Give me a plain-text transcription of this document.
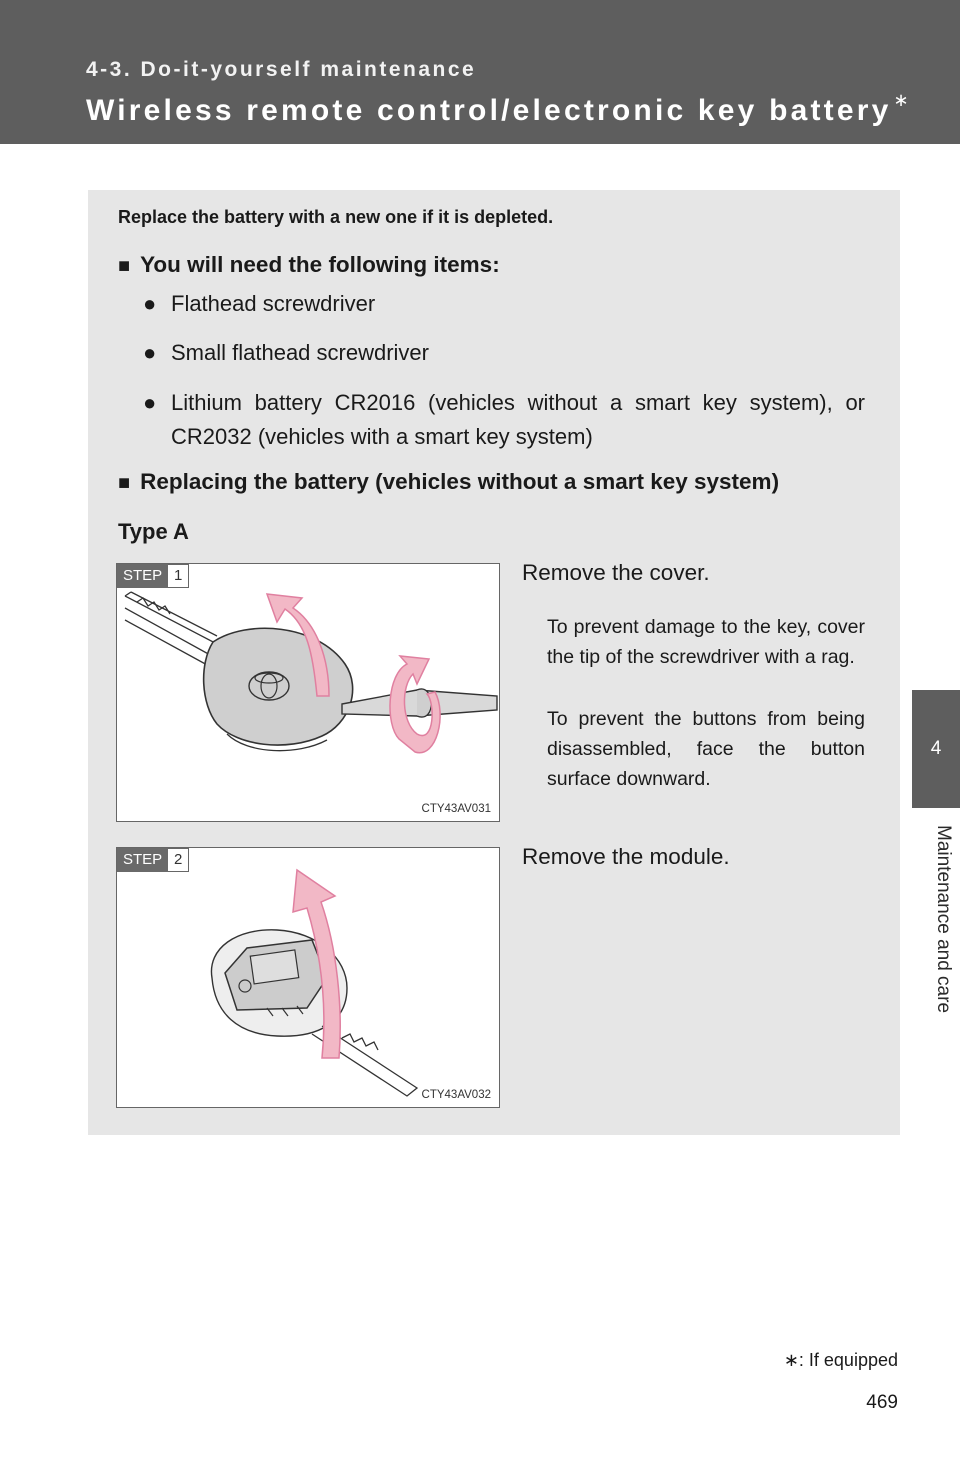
4-3. Do-it-yourself maintenance
Wireless remote control/electronic key battery ∗
4
Maintenance and care
Replace the battery with a new one if it is depleted.
■ You will need the following items:
● Flathead screwdriver
● Small flathead screwdriver
● Lithium battery CR2016 (vehicles without a smart key system), or CR2032 (vehicles with a smart key system)
■ Replacing the battery (vehicles without a smart key system)
Type A
STEP 1
CTY43AV031
Remove the cover.
To prevent damage to the key, cover the tip of the screwdriver with a rag.
To prevent the buttons from being disassembled, face the button surface downward.
STEP 2
CTY43AV032
Remove the module.
∗: If equipped
469
